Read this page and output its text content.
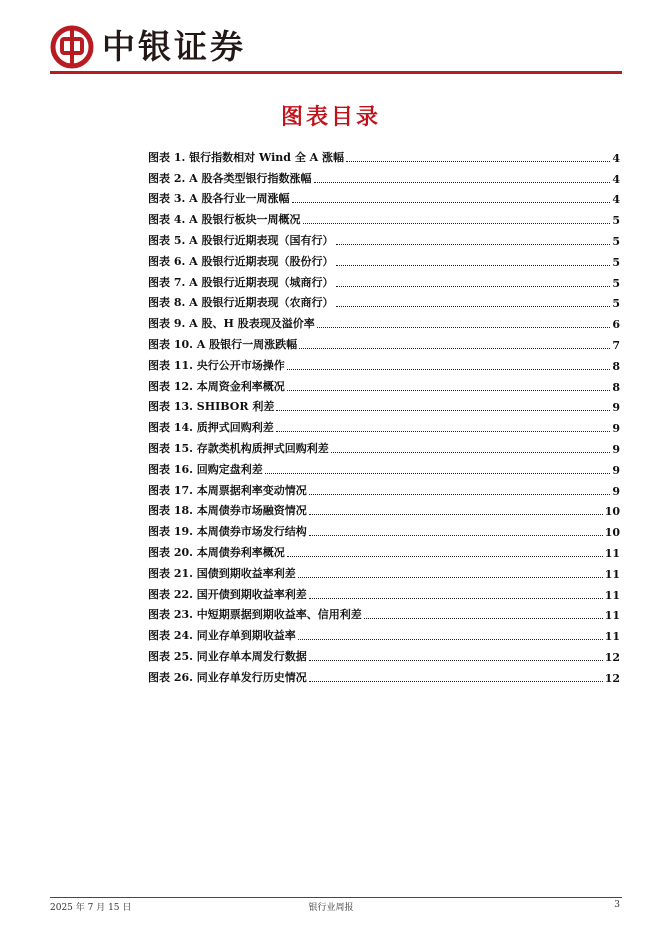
中银证券
图表目录
图表 1. 银行指数相对 Wind 全 A 涨幅	4
图表 2. A 股各类型银行指数涨幅	4
图表 3. A 股各行业一周涨幅	4
图表 4. A 股银行板块一周概况	5
图表 5. A 股银行近期表现（国有行）	5
图表 6. A 股银行近期表现（股份行）	5
图表 7. A 股银行近期表现（城商行）	5
图表 8. A 股银行近期表现（农商行）	5
图表 9. A 股、H 股表现及溢价率	6
图表 10. A 股银行一周涨跌幅	7
图表 11. 央行公开市场操作	8
图表 12. 本周资金利率概况	8
图表 13. SHIBOR 利差	9
图表 14. 质押式回购利差	9
图表 15. 存款类机构质押式回购利差	9
图表 16. 回购定盘利差	9
图表 17. 本周票据利率变动情况	9
图表 18. 本周债券市场融资情况	10
图表 19. 本周债券市场发行结构	10
图表 20. 本周债券利率概况	11
图表 21. 国债到期收益率利差	11
图表 22. 国开债到期收益率利差	11
图表 23. 中短期票据到期收益率、信用利差	11
图表 24. 同业存单到期收益率	11
图表 25. 同业存单本周发行数据	12
图表 26. 同业存单发行历史情况	12
2025 年 7 月 15 日	银行业周报	3
